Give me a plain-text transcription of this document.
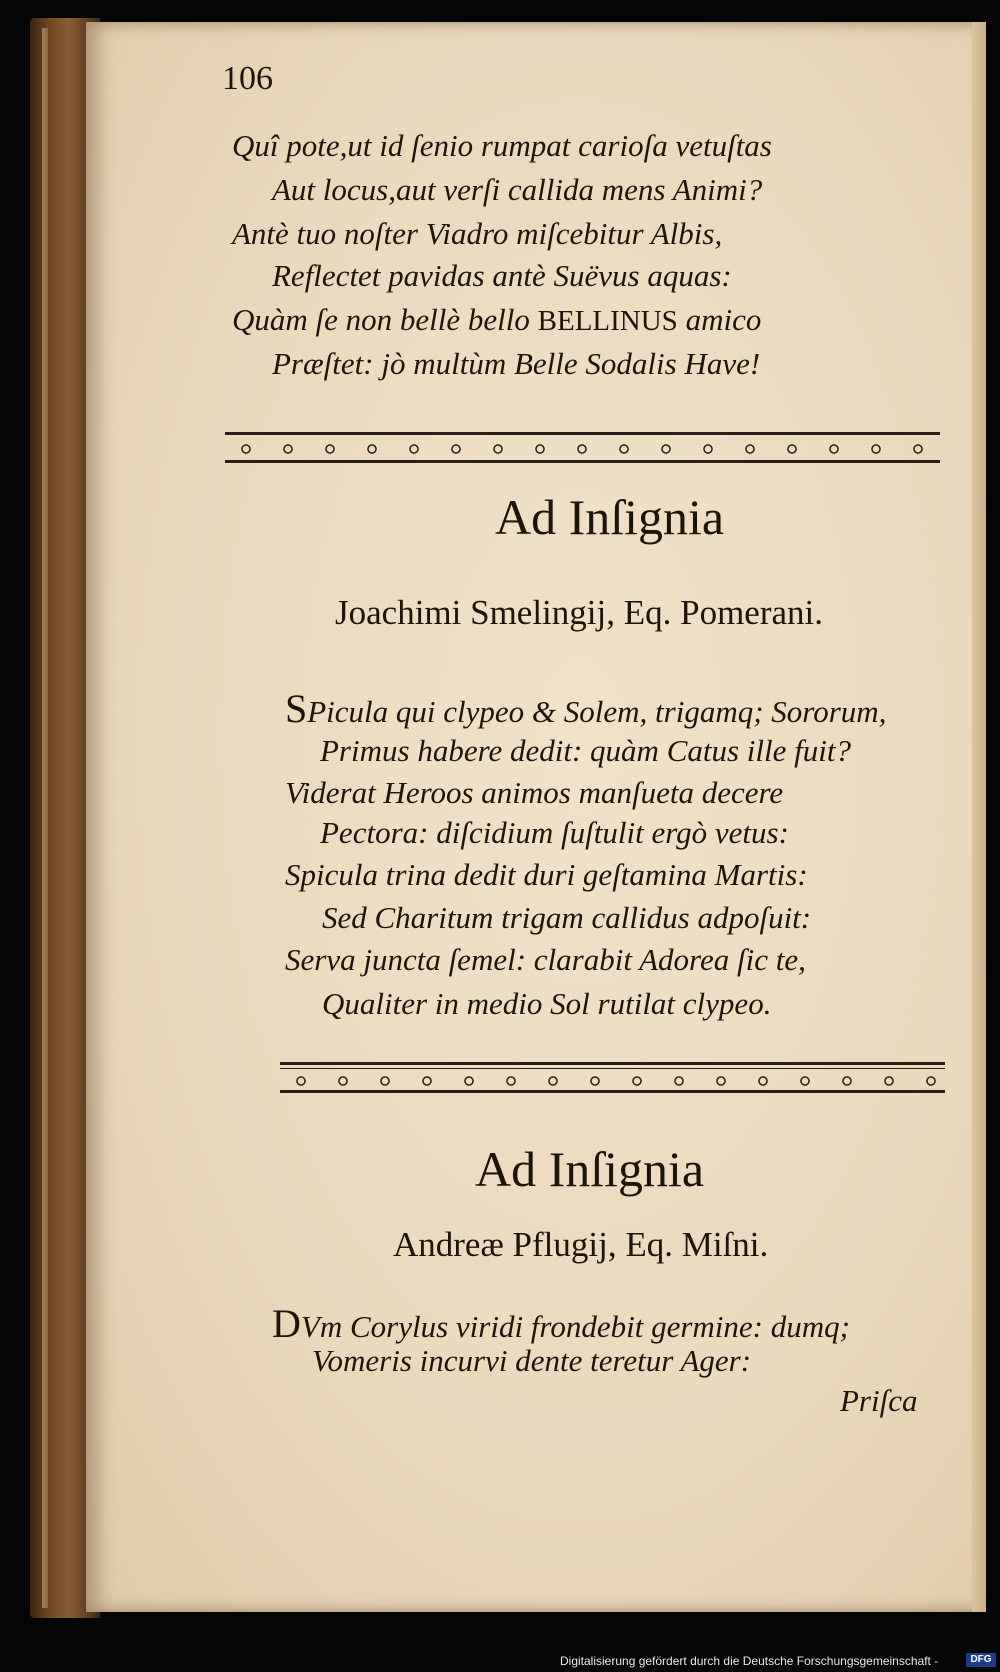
106
Quî pote,ut id ſenio rumpat carioſa vetuſtas
Aut locus,aut verſi callida mens Animi?
Antè tuo noſter Viadro miſcebitur Albis,
Reflectet pavidas antè Suëvus aquas:
Quàm ſe non bellè bello BELLINUS amico
Præſtet: jò multùm Belle Sodalis Have!
Ad Inſignia
Joachimi Smelingij, Eq. Pomerani.
SPicula qui clypeo & Solem, trigamq; Sororum,
Primus habere dedit: quàm Catus ille fuit?
Viderat Heroos animos manſueta decere
Pectora: diſcidium ſuſtulit ergò vetus:
Spicula trina dedit duri geſtamina Martis:
Sed Charitum trigam callidus adpoſuit:
Serva juncta ſemel: clarabit Adorea ſic te,
Qualiter in medio Sol rutilat clypeo.
Ad Inſignia
Andreæ Pflugij, Eq. Miſni.
DVm Corylus viridi frondebit germine: dumq;
Vomeris incurvi dente teretur Ager:
Priſca
Digitalisierung gefördert durch die Deutsche Forschungsgemeinschaft -	DFG
